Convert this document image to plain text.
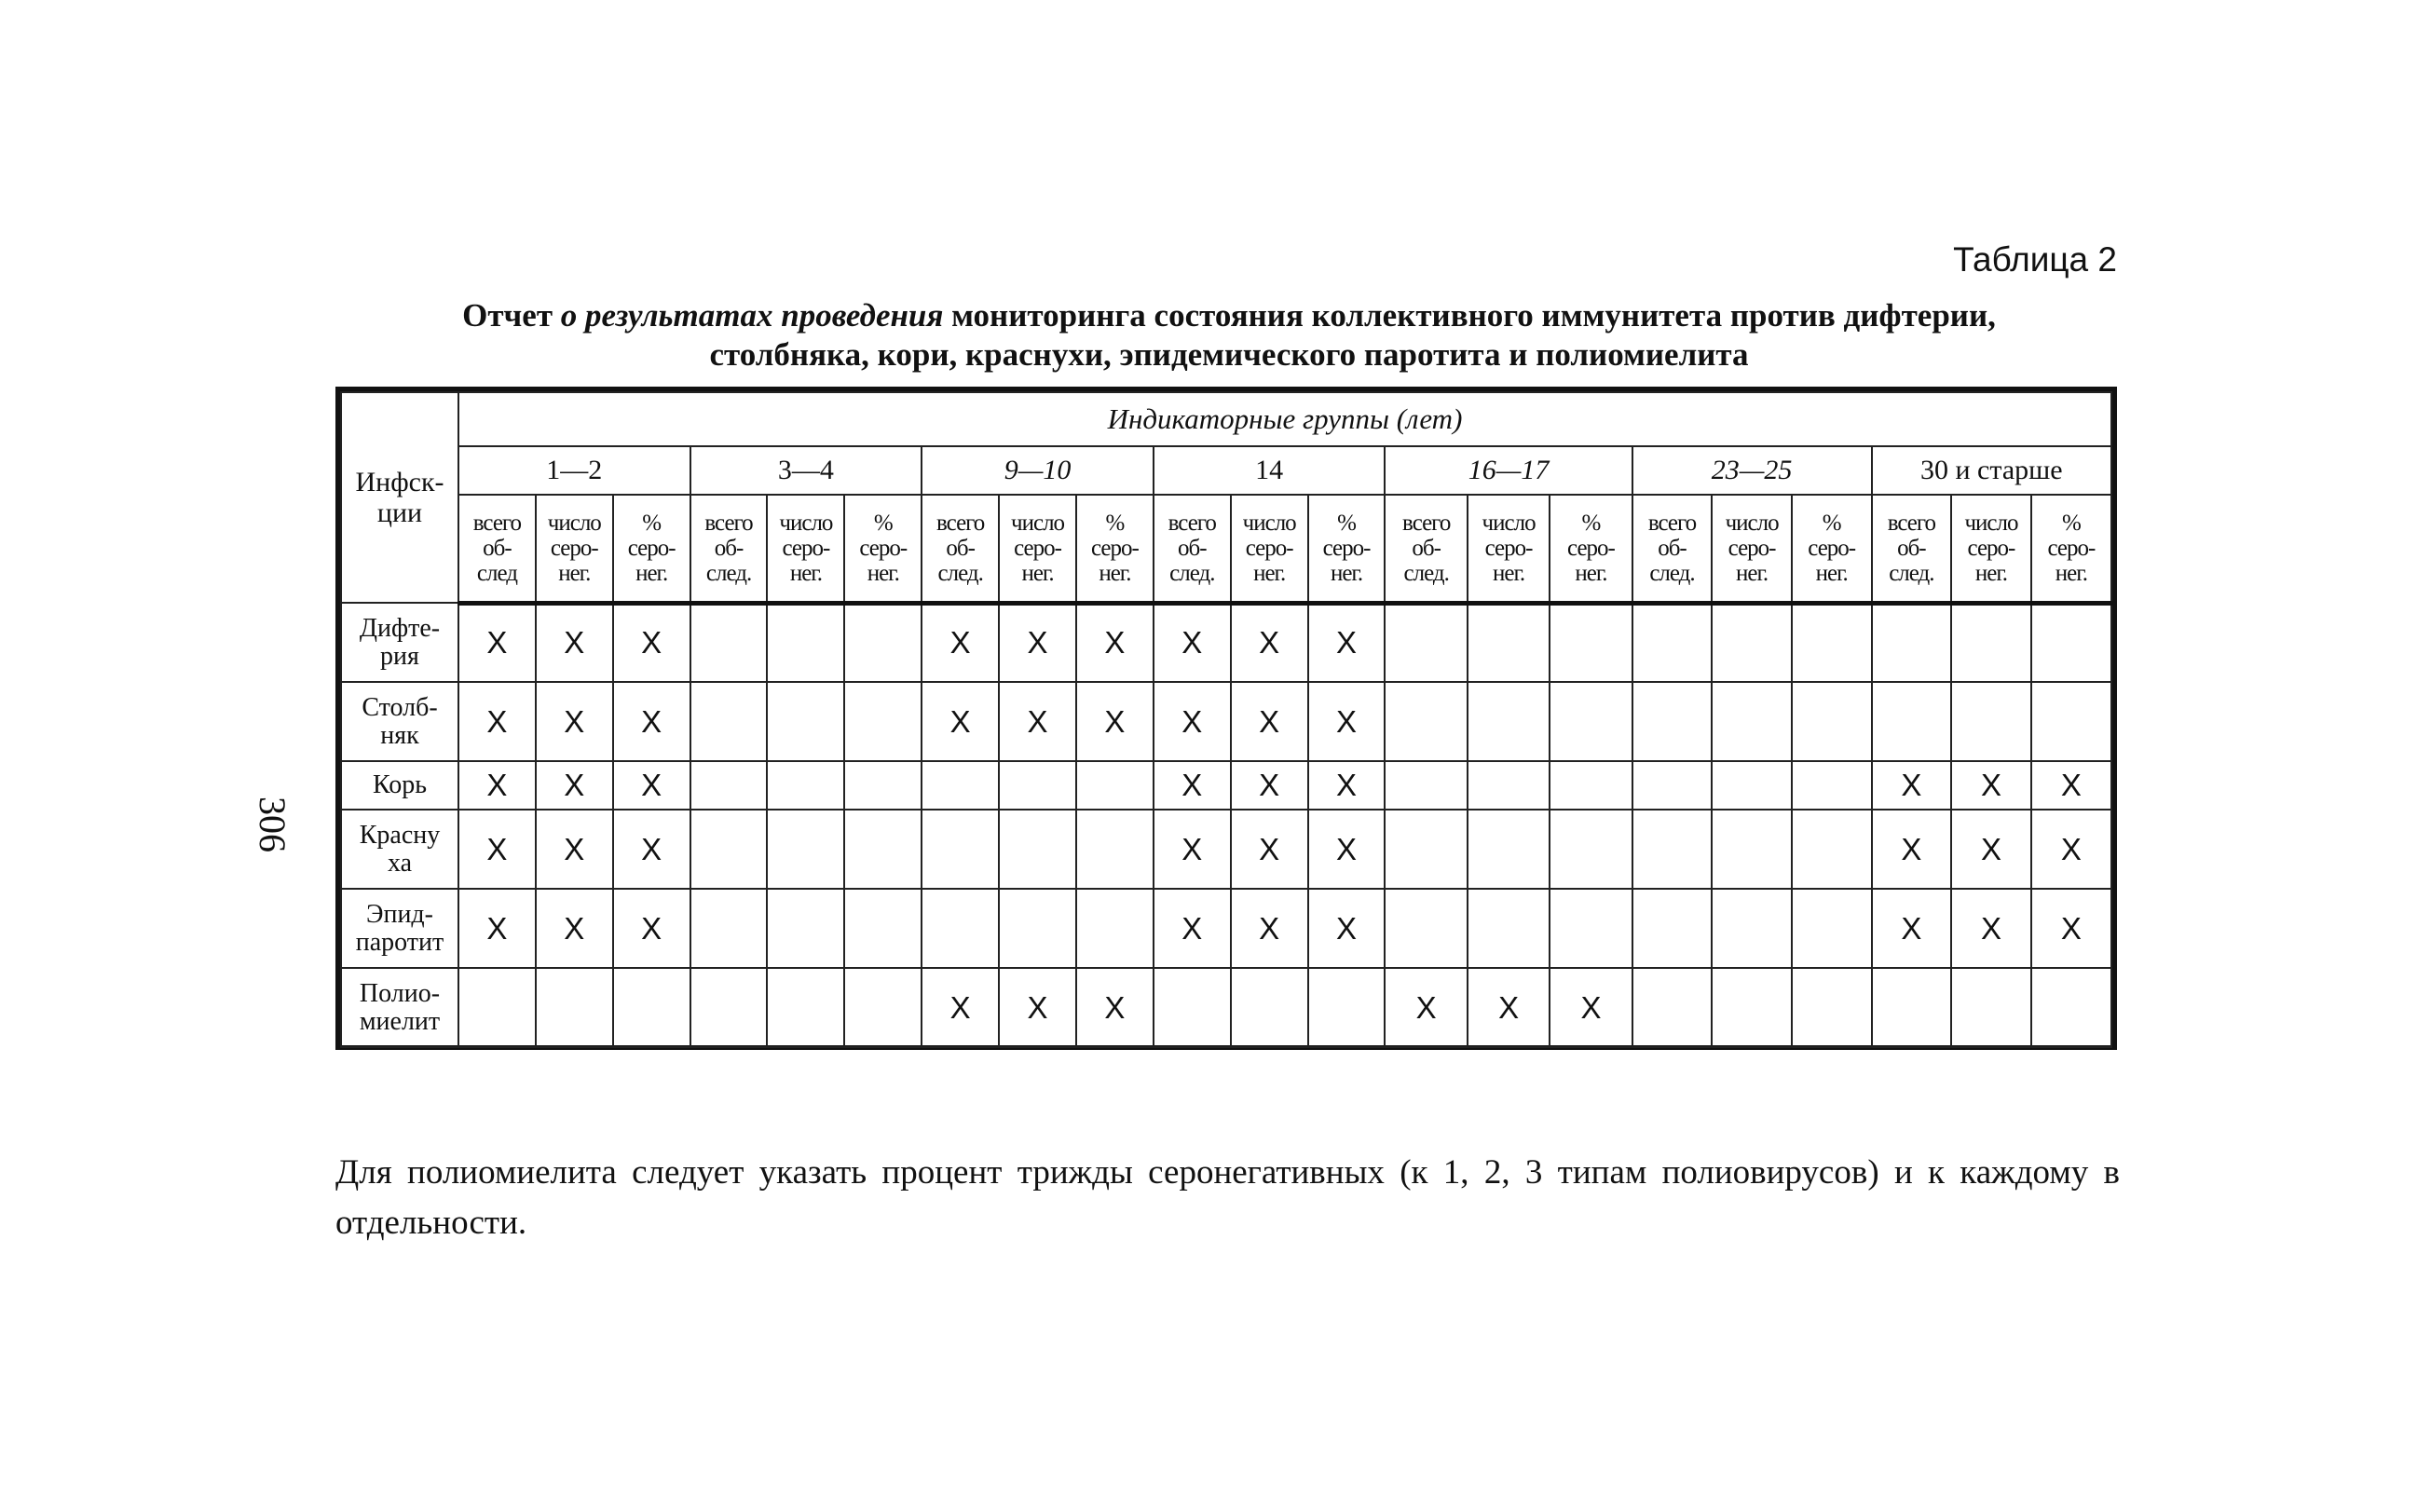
306
Таблица 2
Отчет о результатах проведения мониторинга состояния коллективного иммунитета против дифтерии,
столбняка, кори, краснухи, эпидемического паротита и полиомиелита
Инфск-
ции	Индикаторные группы (лет)																				
	1—2			3—4			9—10			14			16—17			23—25			30 и старше		

	всего
об-
след	число
серо-
нег.	%
серо-
нег.	всего
об-
след.	число
серо-
нег.	%
серо-
нег.	всего
об-
след.	число
серо-
нег.	%
серо-
нег.	всего
об-
след.	число
серо-
нег.	%
серо-
нег.	всего
об-
след.	число
серо-
нег.	%
серо-
нег.	всего
об-
след.	число
серо-
нег.	%
серо-
нег.	всего
об-
след.	число
серо-
нег.	%
серо-
нег.

Дифте-
рия	X	X	X				X	X	X	X	X	X									

Столб-
няк	X	X	X				X	X	X	X	X	X									

Корь	X	X	X							X	X	X							X	X	X

Красну
ха	X	X	X							X	X	X							X	X	X

Эпид-
паротит	X	X	X							X	X	X							X	X	X

Полио-
миелит							X	X	X				X	X	X						
Для полиомиелита следует указать процент трижды серонегативных (к 1, 2, 3 типам полиовирусов) и к каждому в отдельности.
